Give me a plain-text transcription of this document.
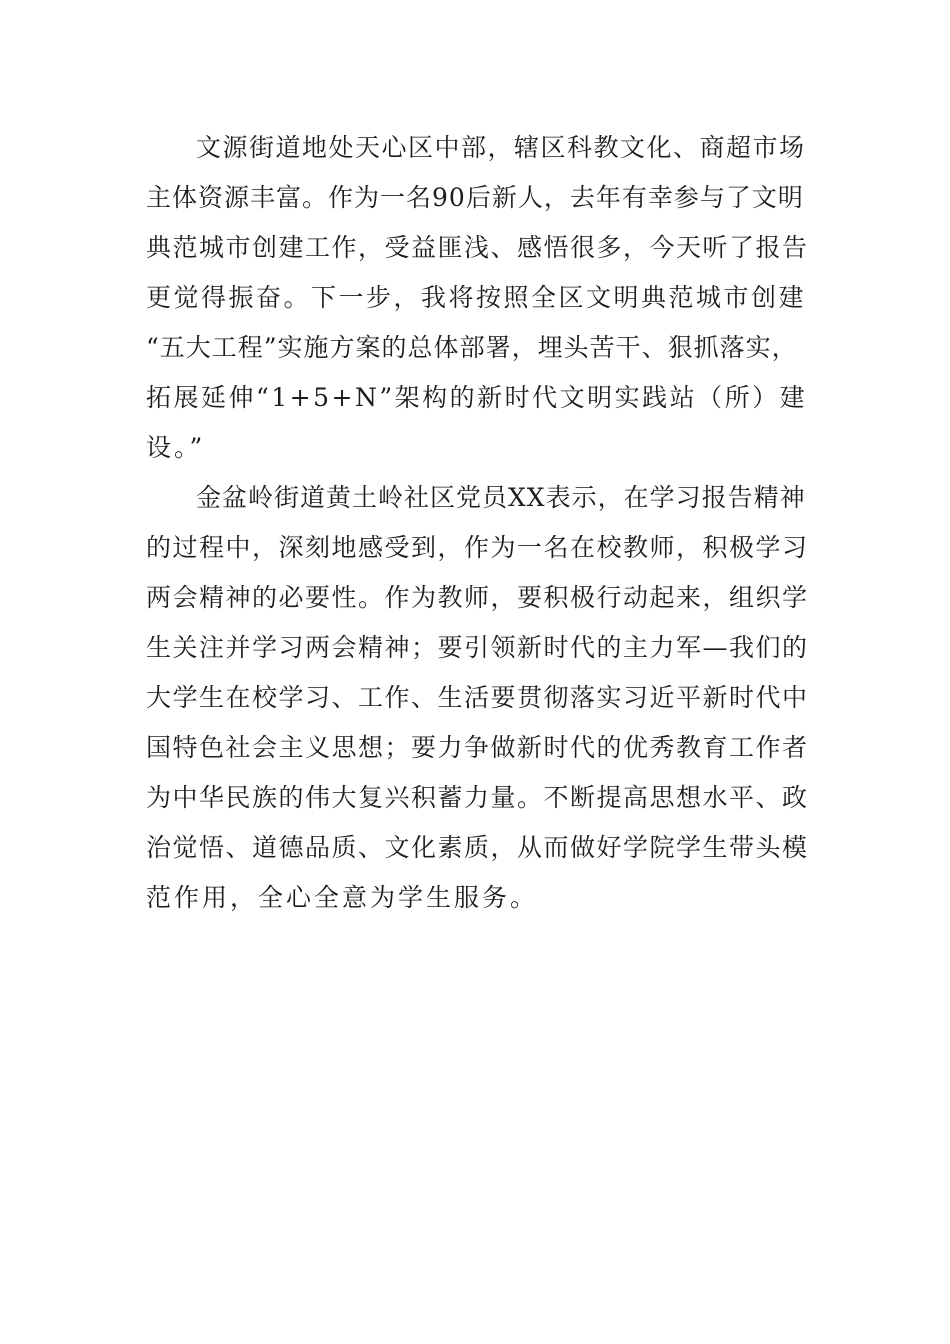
文源街道地处天心区中部，辖区科教文化、商超市场
主体资源丰富。作为一名90后新人，去年有幸参与了文明
典范城市创建工作，受益匪浅、感悟很多，今天听了报告
更觉得振奋。下一步，我将按照全区文明典范城市创建
“五大工程”实施方案的总体部署，埋头苦干、狠抓落实，
拓展延伸“1+5+N”架构的新时代文明实践站（所）建
设。”
金盆岭街道黄土岭社区党员XX表示，在学习报告精神
的过程中，深刻地感受到，作为一名在校教师，积极学习
两会精神的必要性。作为教师，要积极行动起来，组织学
生关注并学习两会精神；要引领新时代的主力军—我们的
大学生在校学习、工作、生活要贯彻落实习近平新时代中
国特色社会主义思想；要力争做新时代的优秀教育工作者
为中华民族的伟大复兴积蓄力量。不断提高思想水平、政
治觉悟、道德品质、文化素质，从而做好学院学生带头模
范作用，全心全意为学生服务。
